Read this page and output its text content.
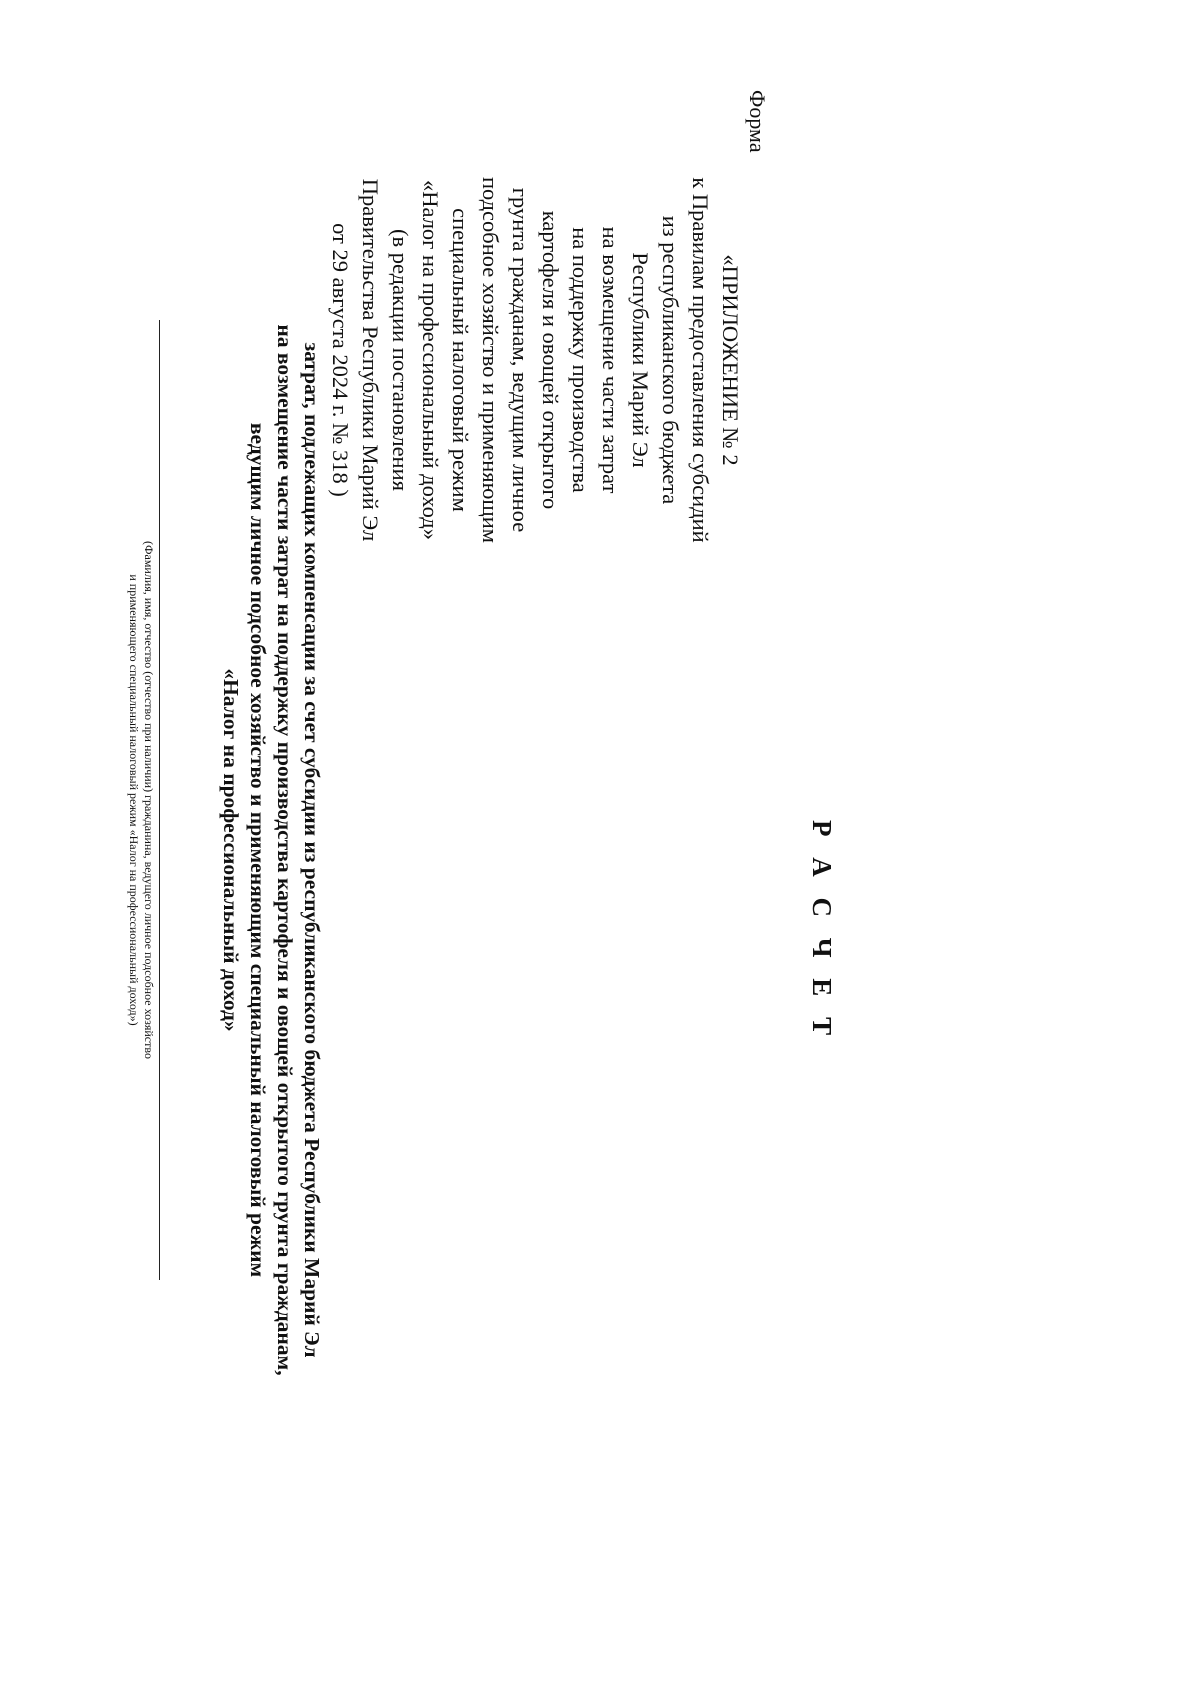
Форма
«ПРИЛОЖЕНИЕ № 2
к Правилам предоставления субсидий
из республиканского бюджета
Республики Марий Эл
на возмещение части затрат
на поддержку производства
картофеля и овощей открытого
грунта гражданам, ведущим личное
подсобное хозяйство и применяющим
специальный налоговый режим
«Налог на профессиональный доход»
(в редакции постановления
Правительства Республики Марий Эл
от 29 августа 2024 г. № 318 )
Р А С Ч Е Т
затрат, подлежащих компенсации за счет субсидии из республиканского бюджета Республики Марий Эл
на возмещение части затрат на поддержку производства картофеля и овощей открытого грунта гражданам,
ведущим личное подсобное хозяйство и применяющим специальный налоговый режим
«Налог на профессиональный доход»
(Фамилия, имя, отчество (отчество при наличии) гражданина, ведущего личное подсобное хозяйство
и применяющего специальный налоговый режим «Налог на профессиональный доход»)
